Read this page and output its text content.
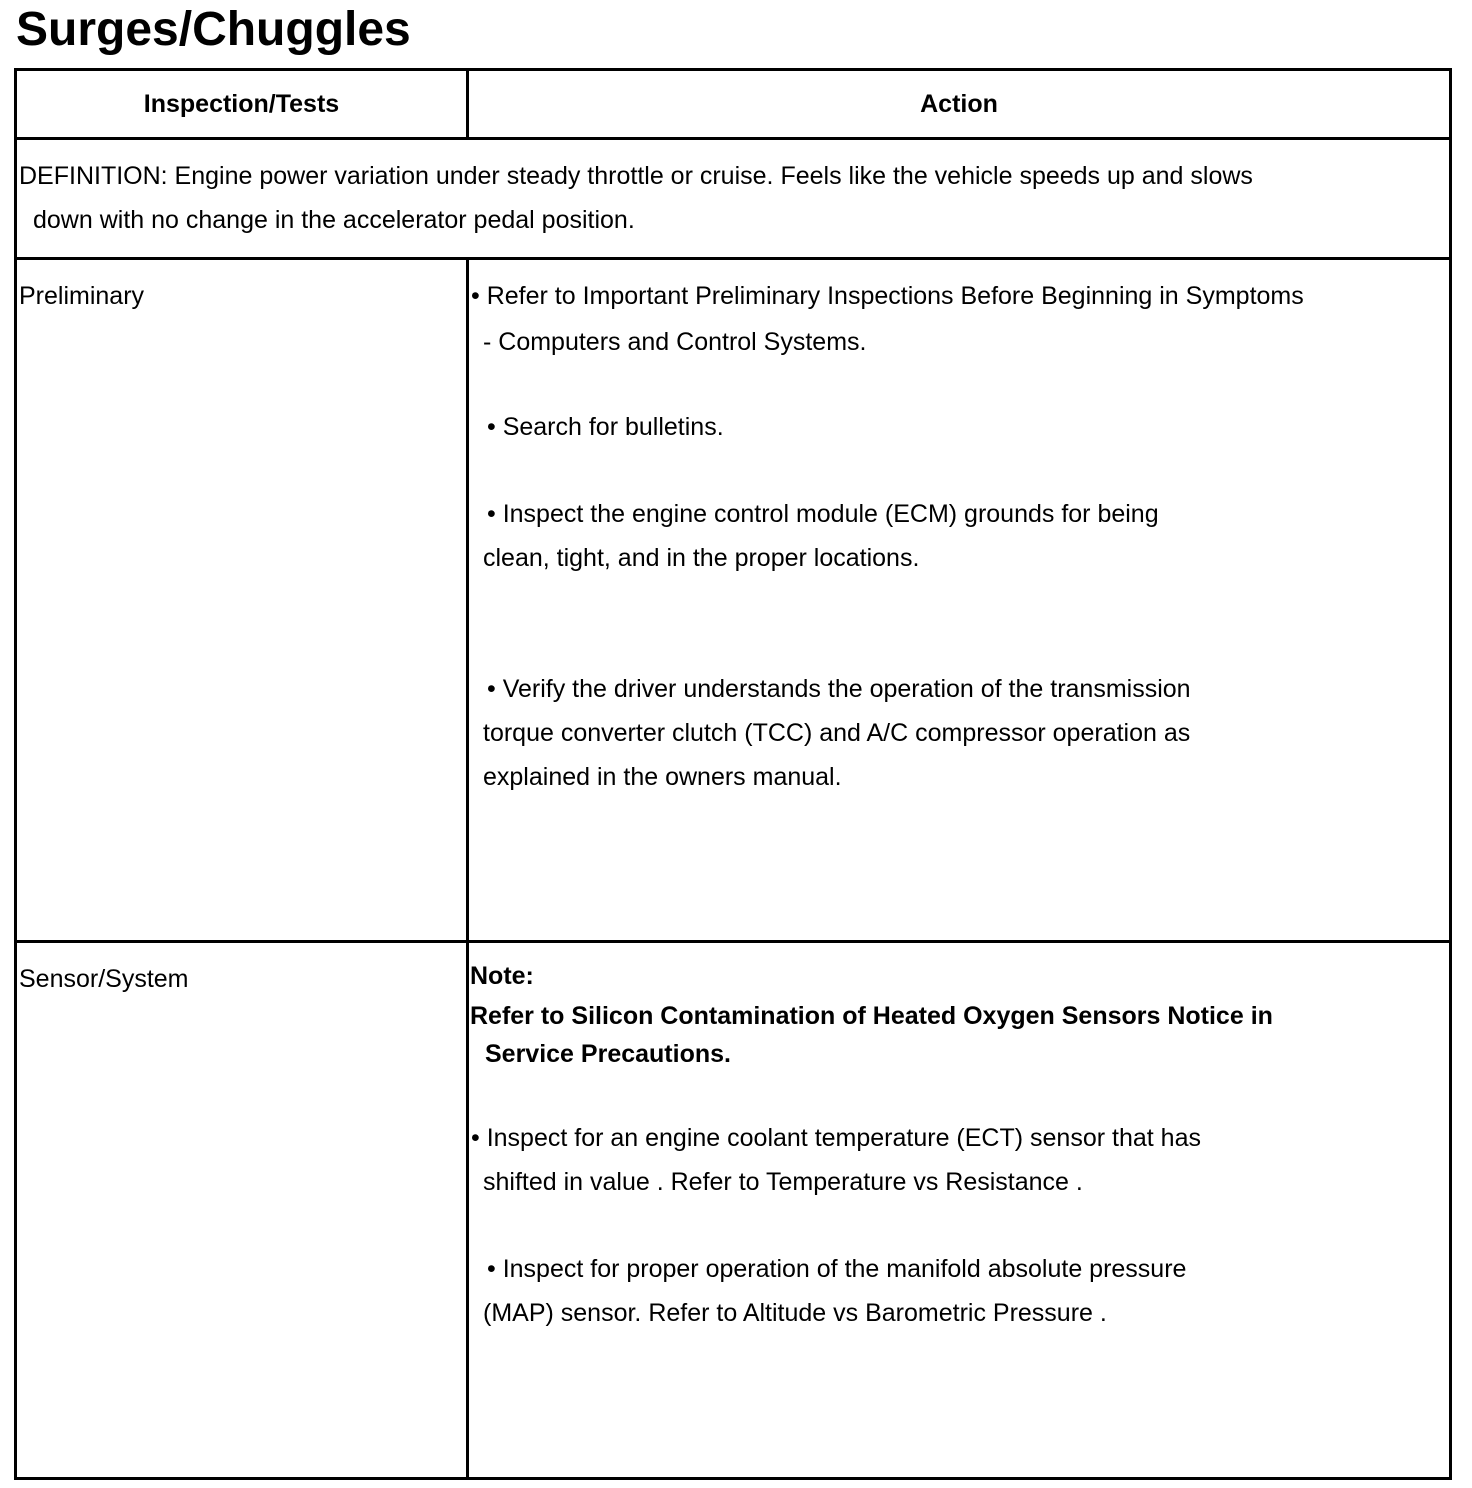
Surges/Chuggles
Inspection/Tests	Action
DEFINITION: Engine power variation under steady throttle or cruise. Feels like the vehicle speeds up and slows
down with no change in the accelerator pedal position.
Preliminary	• Refer to Important Preliminary Inspections Before Beginning in Symptoms
- Computers and Control Systems.
• Search for bulletins.
• Inspect the engine control module (ECM) grounds for being
clean, tight, and in the proper locations.
• Verify the driver understands the operation of the transmission
torque converter clutch (TCC) and A/C compressor operation as
explained in the owners manual.
Sensor/System	Note:
Refer to Silicon Contamination of Heated Oxygen Sensors Notice in
Service Precautions.
• Inspect for an engine coolant temperature (ECT) sensor that has
shifted in value . Refer to Temperature vs Resistance .
• Inspect for proper operation of the manifold absolute pressure
(MAP) sensor. Refer to Altitude vs Barometric Pressure .
